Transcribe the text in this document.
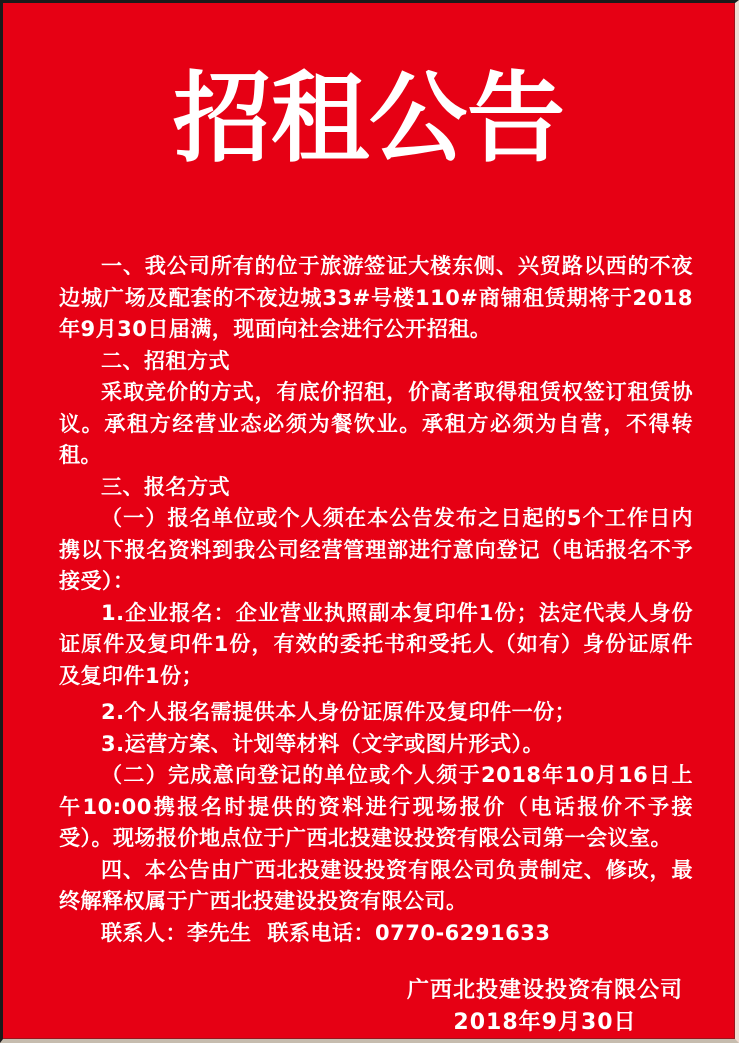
招租公告

一、我公司所有的位于旅游签证大楼东侧、兴贸路以西的不夜边城广场及配套的不夜边城33#号楼110#商铺租赁期将于2018年9月30日届满，现面向社会进行公开招租。

二、招租方式

采取竞价的方式，有底价招租，价高者取得租赁权签订租赁协议。承租方经营业态必须为餐饮业。承租方必须为自营，不得转租。

三、报名方式

（一）报名单位或个人须在本公告发布之日起的5个工作日内携以下报名资料到我公司经营管理部进行意向登记（电话报名不予接受）：

1.企业报名：企业营业执照副本复印件1份；法定代表人身份证原件及复印件1份，有效的委托书和受托人（如有）身份证原件及复印件1份；

2.个人报名需提供本人身份证原件及复印件一份；

3.运营方案、计划等材料（文字或图片形式）。

（二）完成意向登记的单位或个人须于2018年10月16日上午10:00携报名时提供的资料进行现场报价（电话报价不予接受）。现场报价地点位于广西北投建设投资有限公司第一会议室。

四、本公告由广西北投建设投资有限公司负责制定、修改，最终解释权属于广西北投建设投资有限公司。

联系人：李先生 联系电话：0770-6291633

广西北投建设投资有限公司
2018年9月30日
